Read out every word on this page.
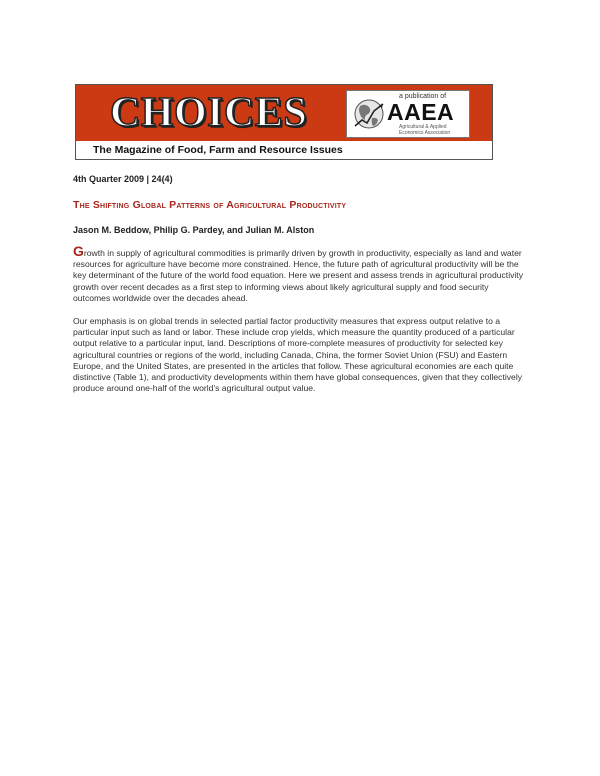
CHOICES	a publication of
AAEA
Agricultural & Applied Economics Association
The Magazine of Food, Farm and Resource Issues
4th Quarter 2009 | 24(4)
The Shifting Global Patterns of Agricultural Productivity
Jason M. Beddow, Philip G. Pardey, and Julian M. Alston

Growth in supply of agricultural commodities is primarily driven by growth in productivity, especially as land and water resources for agriculture have become more constrained. Hence, the future path of agricultural productivity will be the key determinant of the future of the world food equation. Here we present and assess trends in agricultural productivity growth over recent decades as a first step to informing views about likely agricultural supply and food security outcomes worldwide over the decades ahead.

Our emphasis is on global trends in selected partial factor productivity measures that express output relative to a particular input such as land or labor. These include crop yields, which measure the quantity produced of a particular output relative to a particular input, land. Descriptions of more-complete measures of productivity for selected key agricultural countries or regions of the world, including Canada, China, the former Soviet Union (FSU) and Eastern Europe, and the United States, are presented in the articles that follow. These agricultural economies are each quite distinctive (Table 1), and productivity developments within them have global consequences, given that they collectively produce around one-half of the world's agricultural output value.
